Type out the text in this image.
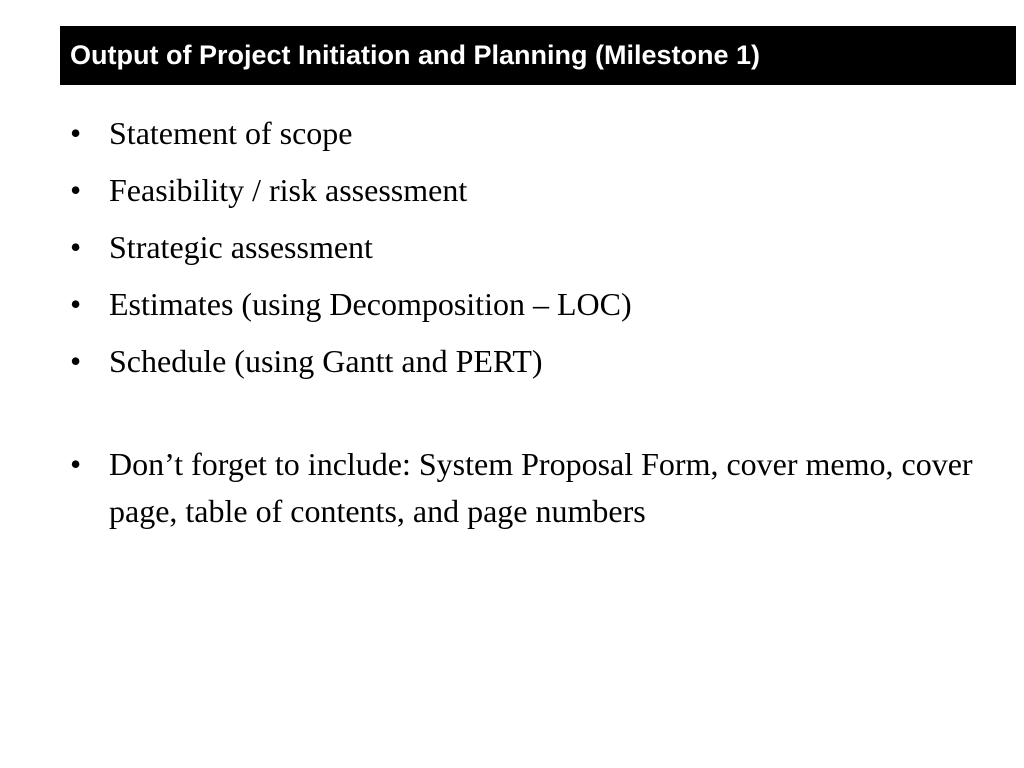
Output of Project Initiation and Planning (Milestone 1)
• Statement of scope
• Feasibility / risk assessment
• Strategic assessment
• Estimates (using Decomposition – LOC)
• Schedule (using Gantt and PERT)
• Don’t forget to include: System Proposal Form, cover memo, cover page, table of contents, and page numbers
